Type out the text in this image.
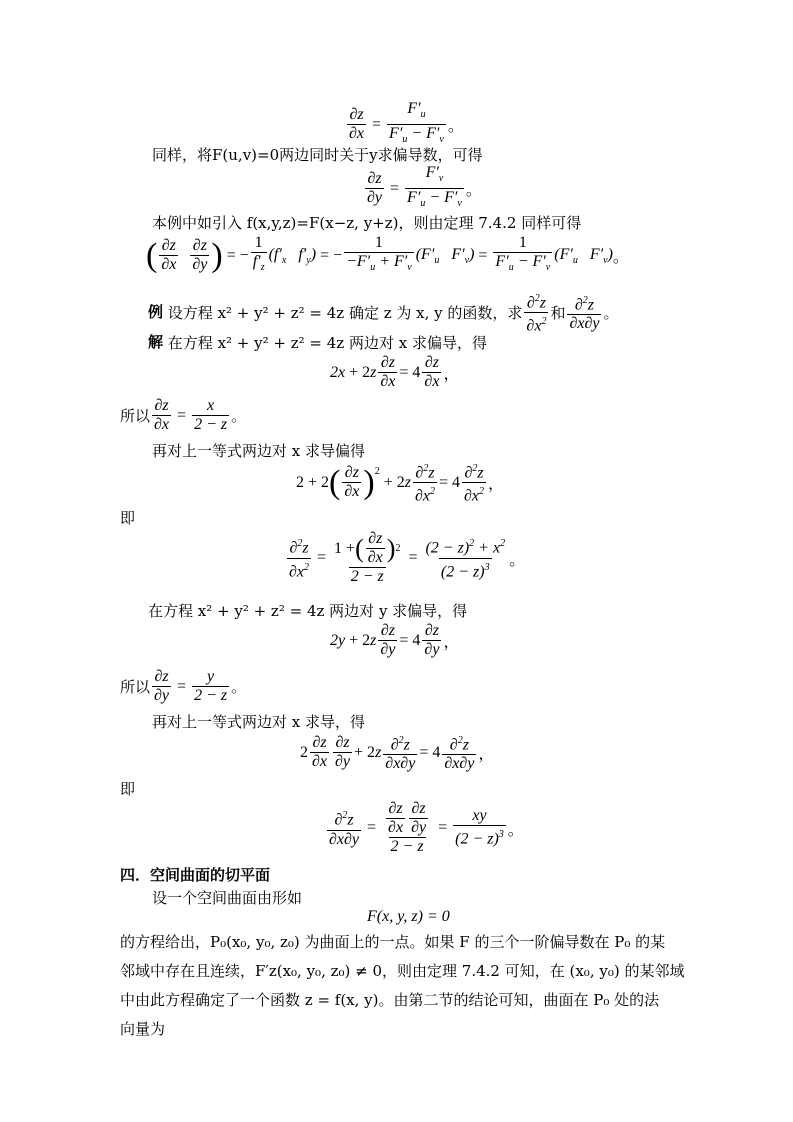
$\frac{\partial z}{\partial x} = \frac{F'_u}{F'_u - F'_v}$ 。
同样，将F(u,v)=0两边同时关于y求偏导数，可得
$\frac{\partial z}{\partial y} = \frac{F'_v}{F'_u - F'_v}$ 。
本例中如引入 f(x,y,z)=F(x−z, y+z)，则由定理 7.4.2 同样可得
( $\frac{\partial z}{\partial x}$
$\frac{\partial z}{\partial y}$ ) = − $\frac{1}{f'_z} (f'_x$   $f'_y$) = − $\frac{1}{-F'_u + F'_v} (F'_u$   $F'_v) = \frac{1}{F'_u - F'_v} (F'_u$   $F'_v$) 。
例
设方程 x² + y² + z² = 4z 确定 z 为 x, y 的函数，求 $\frac{\partial^2z}{\partial x^2}$ 和 $\frac{\partial^2z}{\partial x\partial y}$ 。
解
在方程 x² + y² + z² = 4z 两边对 x 求偏导，得
2x + 2 z $\frac{\partial z}{\partial x} = 4 \frac{\partial z}{\partial x}$ ，
所以 $\frac{\partial z}{\partial x} = \frac{x}{2 - z}$ 。
再对上一等式两边对 x 求导偏得
2 + 2 ( $\frac{\partial z}{\partial x} )^2$
+ 2 z $\frac{\partial^2z}{\partial x^2} = 4 \frac{\partial^2z}{\partial x^2}$ ，
即
$\frac{\partial^2z}{\partial x^2} = \frac{1 + ( \frac{\partial z}{\partial x} ) 2}{2 - z} = \frac{(2 - z)^2 + x^2}{(2 - z)^3}$ 。
在方程 x² + y² + z² = 4z 两边对 y 求偏导，得
2y + 2 z $\frac{\partial z}{\partial y} = 4 \frac{\partial z}{\partial y}$ ，
所以 $\frac{\partial z}{\partial y} = \frac{y}{2 - z}$ 。
再对上一等式两边对 x 求导，得
$2 \frac{\partial z}{\partial x} \frac{\partial z}{\partial y} + 2$ z $\frac{\partial^2z}{\partial x\partial y} = 4 \frac{\partial^2z}{\partial x\partial y}$ ，
即
$\frac{\partial^2z}{\partial x\partial y} = \frac{\frac{\partial z}{\partial x} \frac{\partial z}{\partial y}}{2 - z} = \frac{xy}{(2 - z)^3}$ 。
四．空间曲面的切平面
设一个空间曲面由形如
F(x, y, z) = 0
的方程给出，P₀(x₀, y₀, z₀) 为曲面上的一点。如果 F 的三个一阶偏导数在 P₀ 的某
邻域中存在且连续，F′z(x₀, y₀, z₀) ≠ 0，则由定理 7.4.2 可知，在 (x₀, y₀) 的某邻域
中由此方程确定了一个函数 z = f(x, y)。由第二节的结论可知，曲面在 P₀ 处的法
向量为
